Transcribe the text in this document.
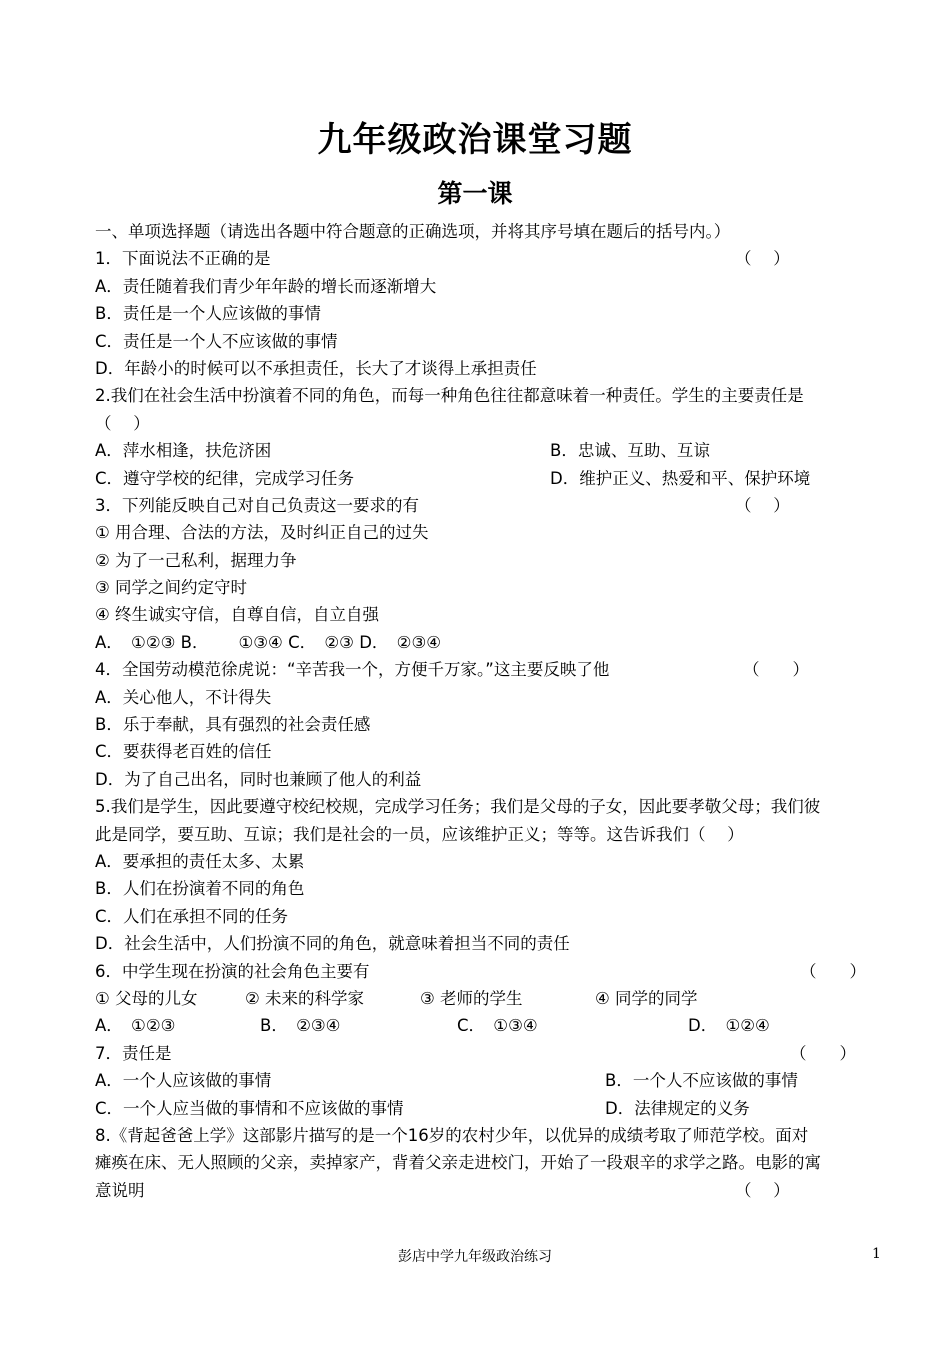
九年级政治课堂习题
第一课
一、单项选择题（请选出各题中符合题意的正确选项，并将其序号填在题后的括号内。）
1．下面说法不正确的是	（　 ）
A．责任随着我们青少年年龄的增长而逐渐增大
B．责任是一个人应该做的事情
C．责任是一个人不应该做的事情
D．年龄小的时候可以不承担责任，长大了才谈得上承担责任
2.我们在社会生活中扮演着不同的角色，而每一种角色往往都意味着一种责任。学生的主要责任是
（　 ）
A．萍水相逢，扶危济困	B．忠诚、互助、互谅
C．遵守学校的纪律，完成学习任务	D．维护正义、热爱和平、保护环境
3．下列能反映自己对自己负责这一要求的有	（　 ）
① 用合理、合法的方法，及时纠正自己的过失
② 为了一己私利，据理力争
③ 同学之间约定守时
④ 终生诚实守信，自尊自信，自立自强
A．　①②③ B．　　 ①③④ C．　②③ D．　②③④
4．全国劳动模范徐虎说：“辛苦我一个，方便千万家。”这主要反映了他	（　　）
A．关心他人，不计得失
B．乐于奉献，具有强烈的社会责任感
C．要获得老百姓的信任
D．为了自己出名，同时也兼顾了他人的利益
5.我们是学生，因此要遵守校纪校规，完成学习任务；我们是父母的子女，因此要孝敬父母；我们彼
此是同学，要互助、互谅；我们是社会的一员，应该维护正义；等等。这告诉我们（　 ）
A．要承担的责任太多、太累
B．人们在扮演着不同的角色
C．人们在承担不同的任务
D．社会生活中，人们扮演不同的角色，就意味着担当不同的责任
6．中学生现在扮演的社会角色主要有	（　　）
① 父母的儿女	② 未来的科学家	③ 老师的学生	④ 同学的同学
A．　①②③	B．　②③④	C．　①③④	D．　①②④
7．责任是	（　　）
A．一个人应该做的事情	B．一个人不应该做的事情
C．一个人应当做的事情和不应该做的事情	D．法律规定的义务
8.《背起爸爸上学》这部影片描写的是一个16岁的农村少年，以优异的成绩考取了师范学校。面对
瘫痪在床、无人照顾的父亲，卖掉家产，背着父亲走进校门，开始了一段艰辛的求学之路。电影的寓
意说明	（　 ）
彭店中学九年级政治练习	1
